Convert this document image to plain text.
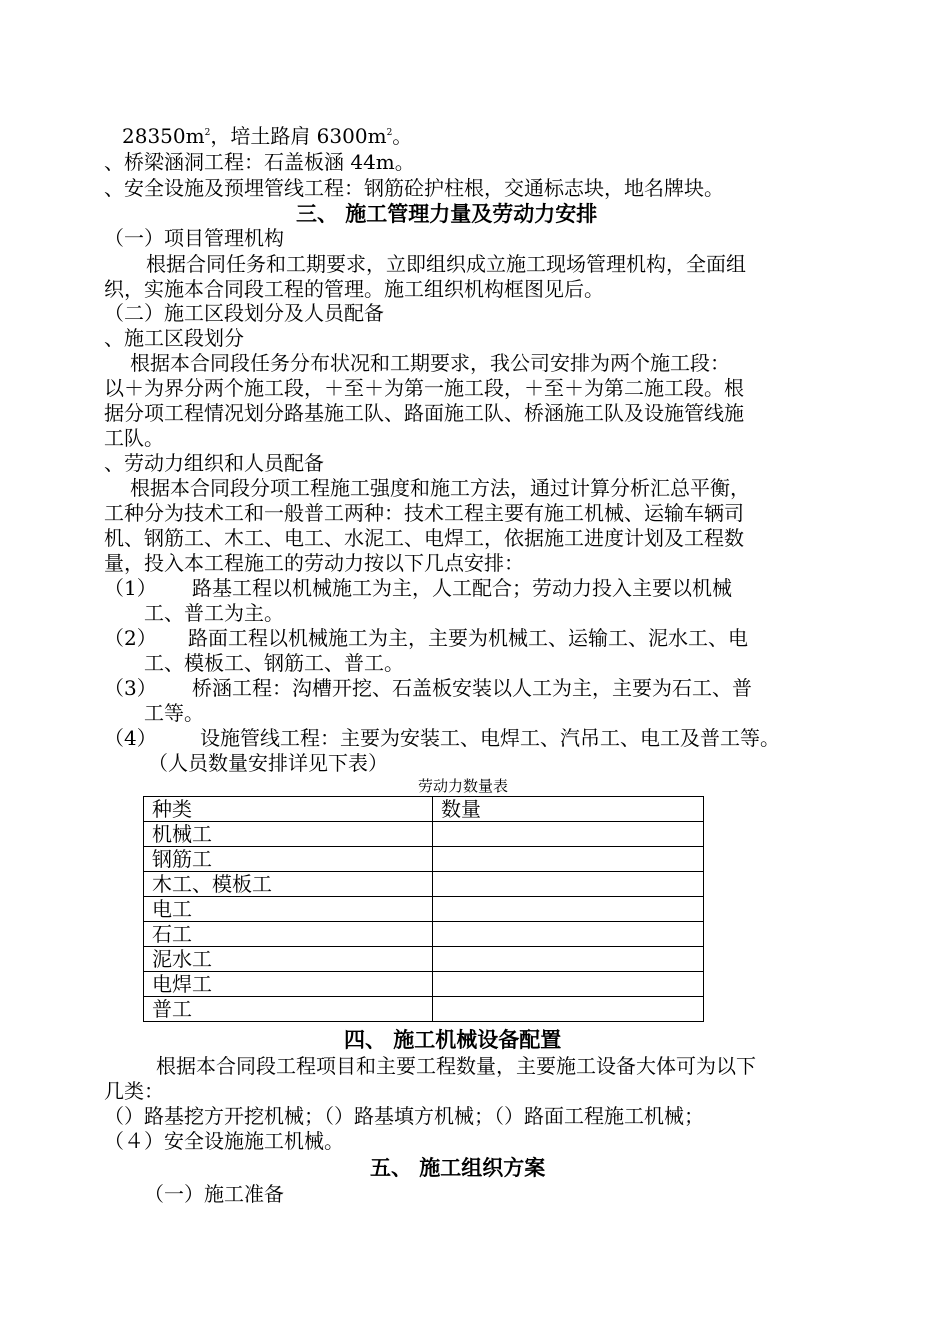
$28350m^2$，培土路肩 $6300m^2$。
、桥梁涵洞工程：石盖板涵 44m。
、安全设施及预埋管线工程：钢筋砼护柱根，交通标志块，地名牌块。
三、 施工管理力量及劳动力安排
（一）项目管理机构
根据合同任务和工期要求，立即组织成立施工现场管理机构，全面组
织，实施本合同段工程的管理。施工组织机构框图见后。
（二）施工区段划分及人员配备
、施工区段划分
根据本合同段任务分布状况和工期要求，我公司安排为两个施工段：
以＋为界分两个施工段，＋至＋为第一施工段，＋至＋为第二施工段。根
据分项工程情况划分路基施工队、路面施工队、桥涵施工队及设施管线施
工队。
、劳动力组织和人员配备
根据本合同段分项工程施工强度和施工方法，通过计算分析汇总平衡，
工种分为技术工和一般普工两种：技术工程主要有施工机械、运输车辆司
机、钢筋工、木工、电工、水泥工、电焊工，依据施工进度计划及工程数
量，投入本工程施工的劳动力按以下几点安排：
（1） 路基工程以机械施工为主，人工配合；劳动力投入主要以机械
工、普工为主。
（2） 路面工程以机械施工为主，主要为机械工、运输工、泥水工、电
工、模板工、钢筋工、普工。
（3） 桥涵工程：沟槽开挖、石盖板安装以人工为主，主要为石工、普
工等。
（4） 设施管线工程：主要为安装工、电焊工、汽吊工、电工及普工等。
（人员数量安排详见下表）
劳动力数量表
种类	数量
机械工	
钢筋工	
木工、模板工	
电工	
石工	
泥水工	
电焊工	
普工	
四、 施工机械设备配置
根据本合同段工程项目和主要工程数量，主要施工设备大体可为以下
几类：
（）路基挖方开挖机械；（）路基填方机械；（）路面工程施工机械；
（４）安全设施施工机械。
五、 施工组织方案
（一）施工准备
